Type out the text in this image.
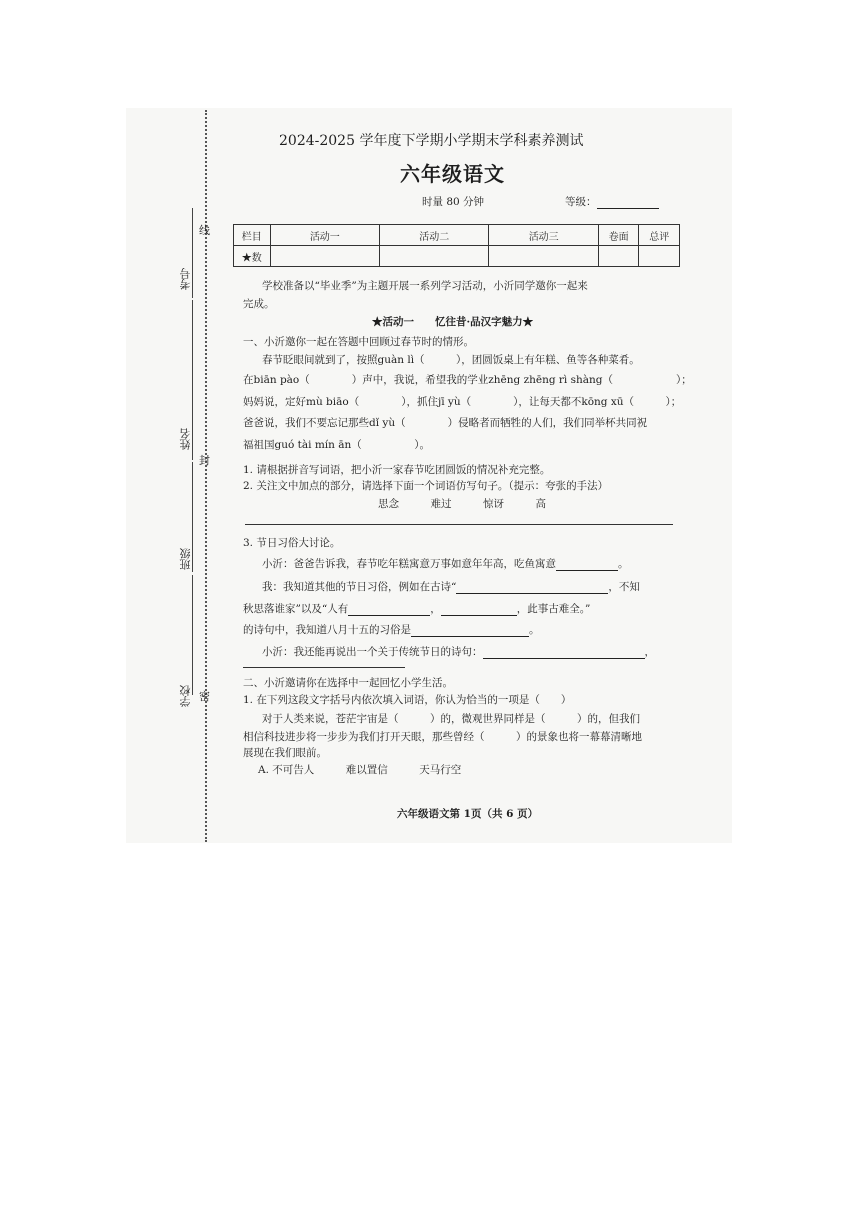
考号
线
姓名
封
班级
学校 密
2024-2025 学年度下学期小学期末学科素养测试
六年级语文
时量 80 分钟	等级：
栏目	活动一	活动二	活动三	卷面	总评
★数					
学校准备以“毕业季”为主题开展一系列学习活动，小沂同学邀你一起来
完成。
★活动一　　忆往昔·品汉字魅力★
一、小沂邀你一起在答题中回顾过春节时的情形。
春节眨眼间就到了，按照guàn lì（　　　），团圆饭桌上有年糕、鱼等各种菜肴。
在biān pào（　　　　）声中，我说，希望我的学业zhēng zhēng rì shàng（　　　　　　）；
妈妈说，定好mù biāo（　　　　），抓住jī yù（　　　　），让每天都不kōng xū（　　　）；
爸爸说，我们不要忘记那些dǐ yù（　　　　）侵略者而牺牲的人们，我们同举杯共同祝
福祖国guó tài mín ān（　　　　　）。
1. 请根据拼音写词语，把小沂一家春节吃团圆饭的情况补充完整。
2. 关注文中加点的部分，请选择下面一个词语仿写句子。（提示：夸张的手法）
思念　　　难过　　　惊讶　　　高
3. 节日习俗大讨论。
小沂：爸爸告诉我，春节吃年糕寓意万事如意年年高，吃鱼寓意	。
我：我知道其他的节日习俗，例如在古诗“	，不知
秋思落谁家”以及“人有	，	，此事古难全。”
的诗句中，我知道八月十五的习俗是	。
小沂：我还能再说出一个关于传统节日的诗句：	，
二、小沂邀请你在选择中一起回忆小学生活。
1. 在下列这段文字括号内依次填入词语，你认为恰当的一项是（　　）
对于人类来说，苍茫宇宙是（　　　）的，微观世界同样是（　　　）的，但我们
相信科技进步将一步步为我们打开天眼，那些曾经（　　　）的景象也将一幕幕清晰地
展现在我们眼前。
A. 不可告人　　　难以置信　　　天马行空
六年级语文第 1页（共 6 页）
